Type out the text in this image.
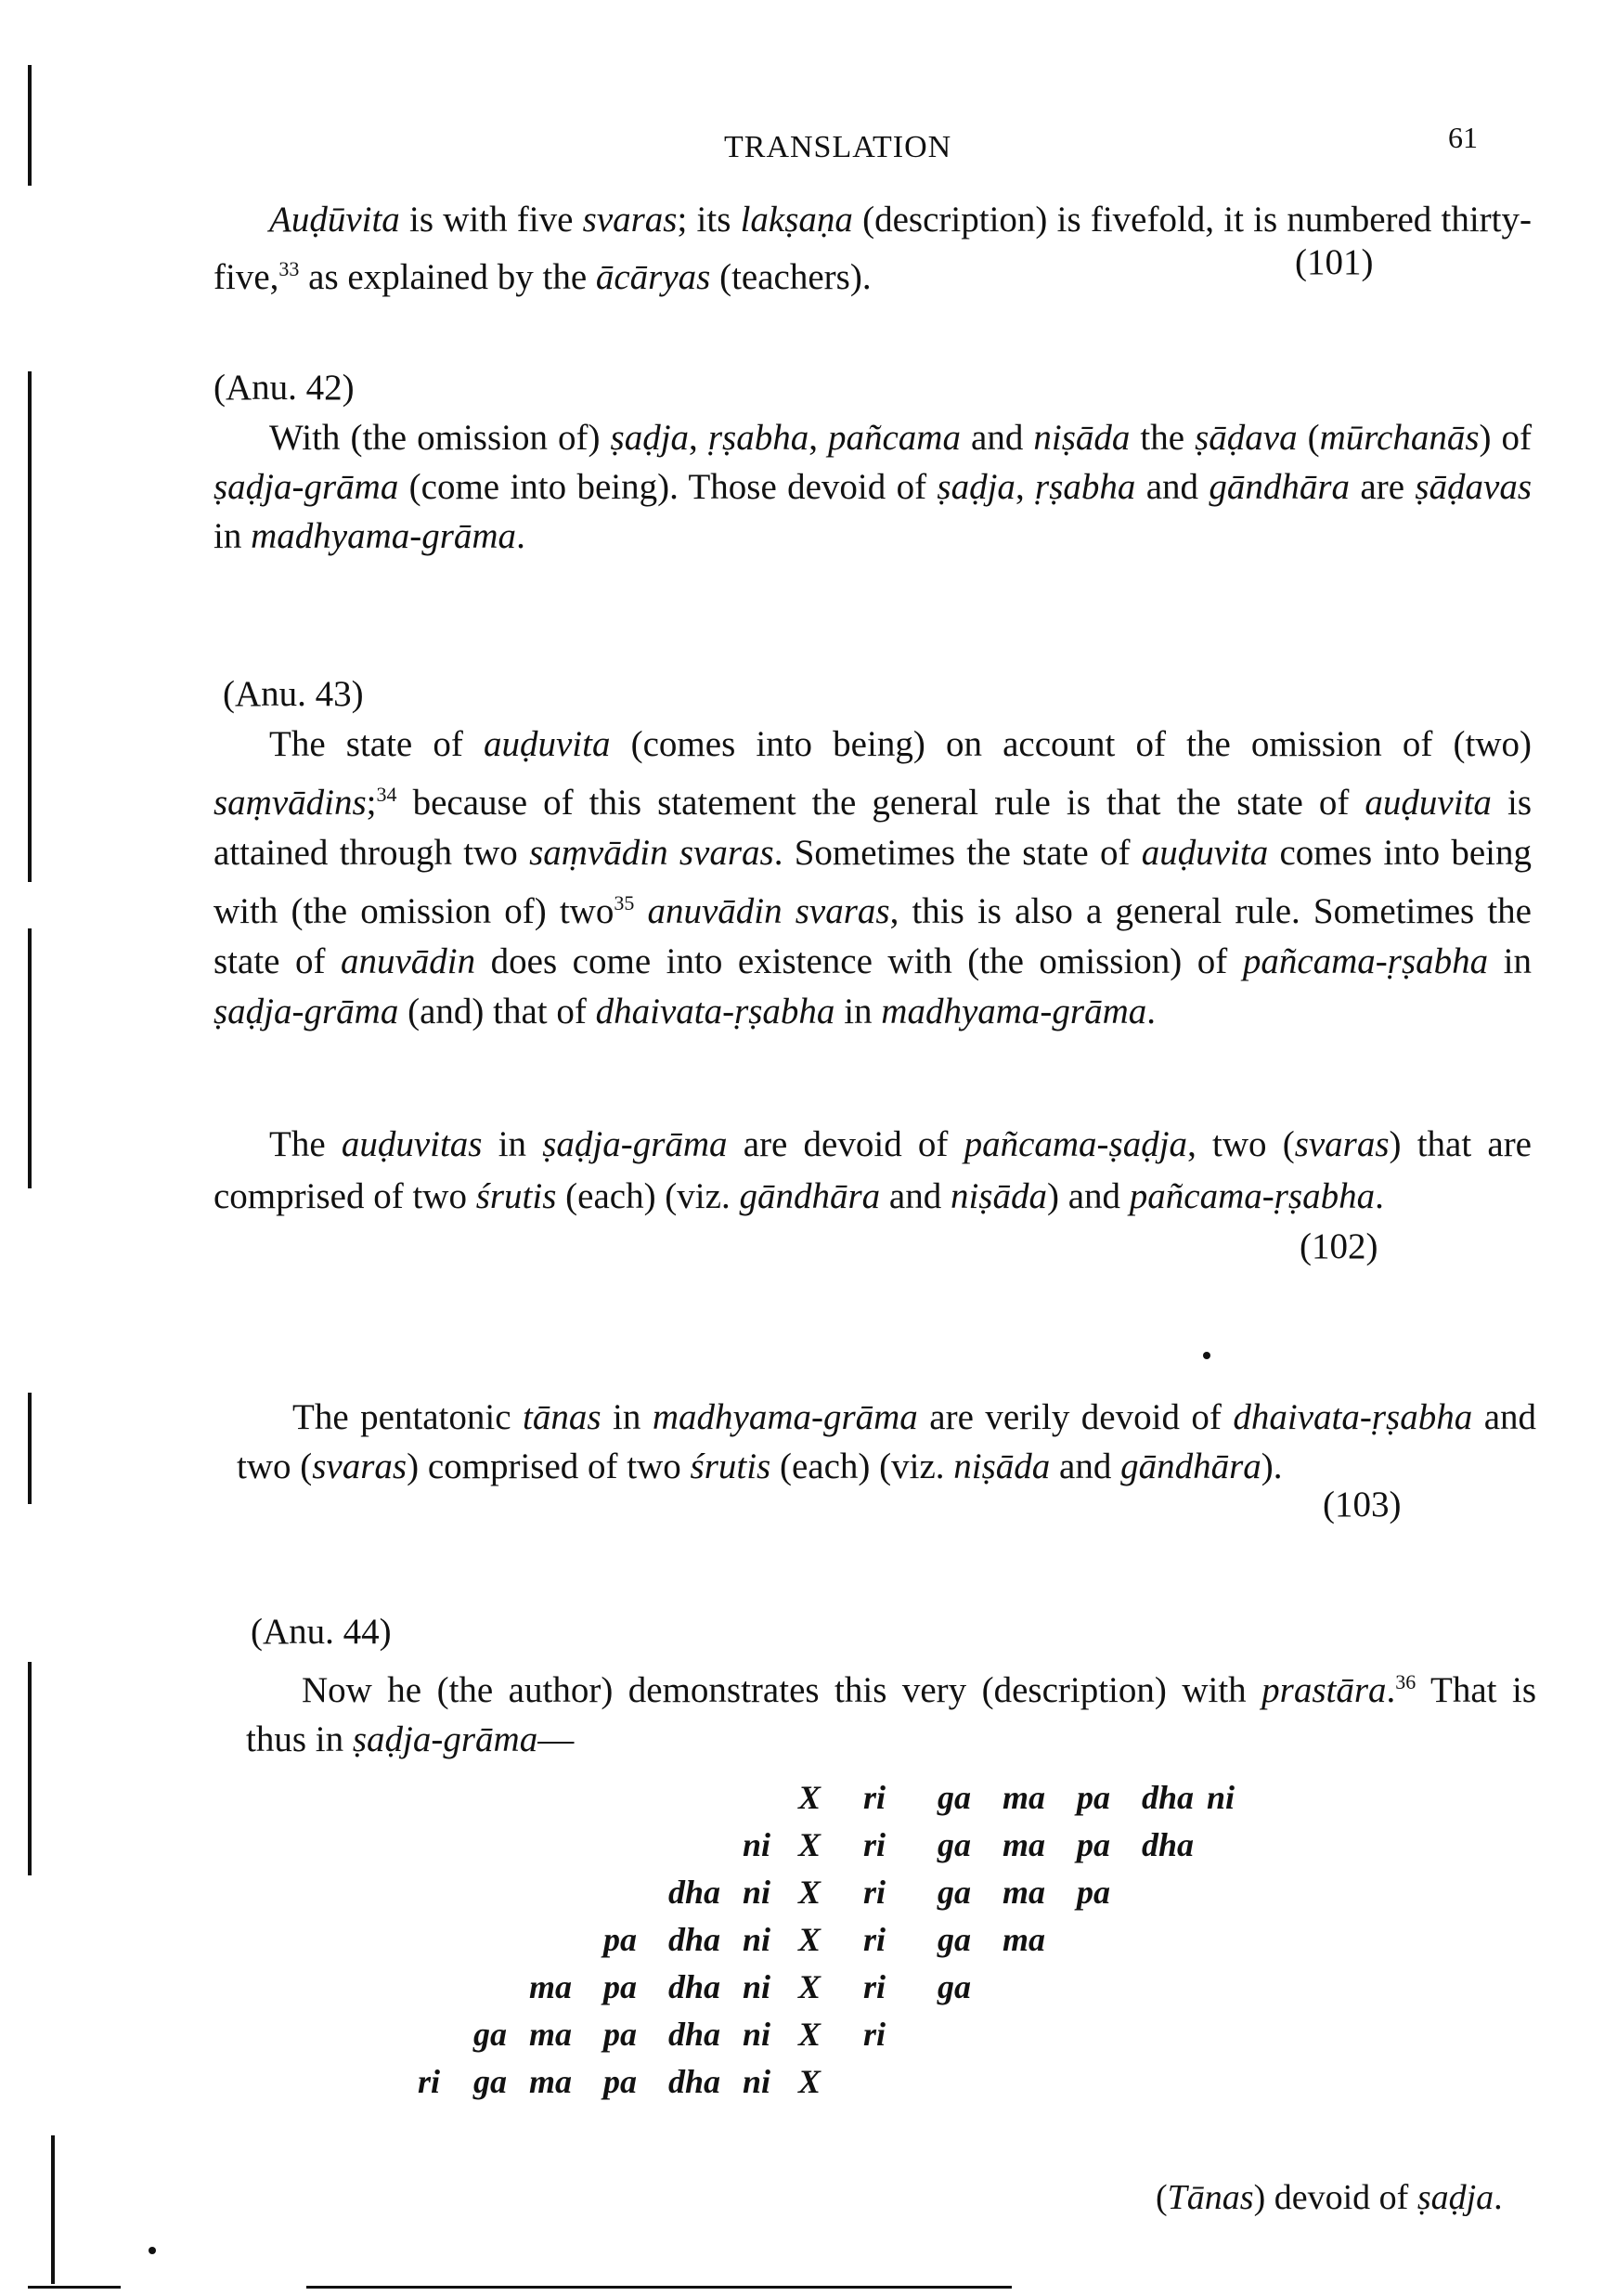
TRANSLATION	61
Auḍūvita is with five svaras; its lakṣaṇa (description) is fivefold, it is numbered thirty-five,$^{33}$ as explained by the ācāryas (teachers).	(101)
(Anu. 42)
With (the omission of) ṣaḍja, ṛṣabha, pañcama and niṣāda the ṣāḍava (mūrchanās) of ṣaḍja-grāma (come into being). Those devoid of ṣaḍja, ṛṣabha and gāndhāra are ṣāḍavas in madhyama-grāma.
(Anu. 43)
The state of auḍuvita (comes into being) on account of the omission of (two) saṃvādins;$^{34}$ because of this statement the general rule is that the state of auḍuvita is attained through two saṃvādin svaras. Sometimes the state of auḍuvita comes into being with (the omission of) two$^{35}$ anuvādin svaras, this is also a general rule. Sometimes the state of anuvādin does come into existence with (the omission) of pañcama-ṛṣabha in ṣaḍja-grāma (and) that of dhaivata-ṛṣabha in madhyama-grāma.
The auḍuvitas in ṣaḍja-grāma are devoid of pañcama-ṣaḍja, two (svaras) that are comprised of two śrutis (each) (viz. gāndhāra and niṣāda) and pañcama-ṛṣabha.
(102)
The pentatonic tānas in madhyama-grāma are verily devoid of dhaivata-ṛṣabha and two (svaras) comprised of two śrutis (each) (viz. niṣāda and gāndhāra).
(103)
(Anu. 44)
Now he (the author) demonstrates this very (description) with prastāra.$^{36}$ That is thus in ṣaḍja-grāma—
X ri ga ma pa dha ni
ni X ri ga ma pa dha
dha ni X ri ga ma pa
pa dha ni X ri ga ma
ma pa dha ni X ri ga
ga ma pa dha ni X ri
ri ga ma pa dha ni X
(Tānas) devoid of ṣaḍja.
